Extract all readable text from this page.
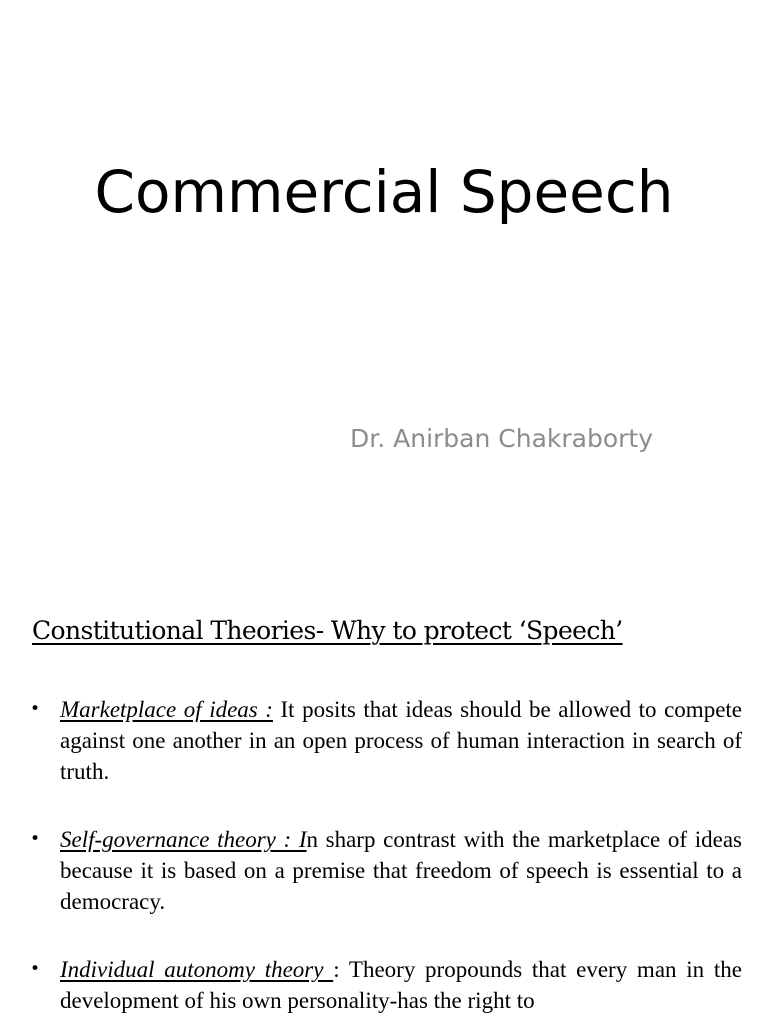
Commercial Speech
Dr. Anirban Chakraborty
Constitutional Theories- Why to protect ‘Speech’
• Marketplace of ideas : It posits that ideas should be allowed to compete against one another in an open process of human interaction in search of truth.
• Self-governance theory : In sharp contrast with the marketplace of ideas because it is based on a premise that freedom of speech is essential to a democracy.
• Individual autonomy theory : Theory propounds that every man in the development of his own personality-has the right to
